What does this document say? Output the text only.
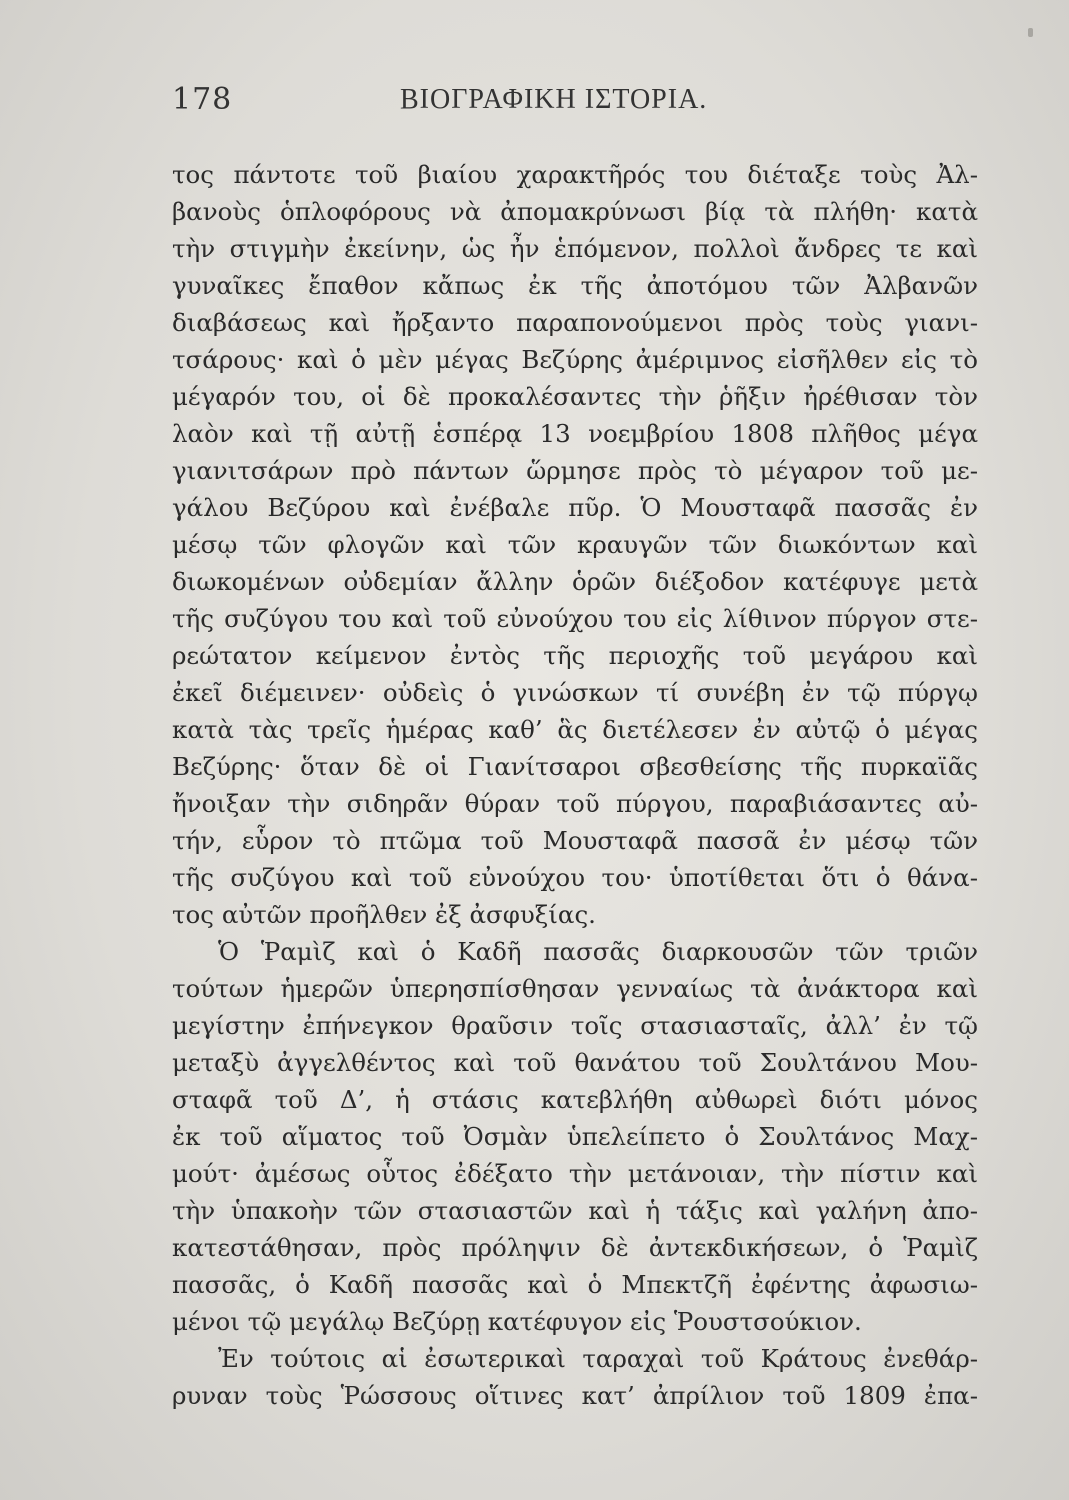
178	ΒΙΟΓΡΑΦΙΚΗ ΙΣΤΟΡΙΑ.
τος πάντοτε τοῦ βιαίου χαρακτῆρός του διέταξε τοὺς Ἀλ-
βανοὺς ὁπλοφόρους νὰ ἀπομακρύνωσι βίᾳ τὰ πλήθη· κατὰ
τὴν στιγμὴν ἐκείνην, ὡς ἦν ἑπόμενον, πολλοὶ ἄνδρες τε καὶ
γυναῖκες ἔπαθον κἄπως ἐκ τῆς ἀποτόμου τῶν Ἀλβανῶν
διαβάσεως καὶ ἤρξαντο παραπονούμενοι πρὸς τοὺς γιανι-
τσάρους· καὶ ὁ μὲν μέγας Βεζύρης ἀμέριμνος εἰσῆλθεν εἰς τὸ
μέγαρόν του, οἱ δὲ προκαλέσαντες τὴν ῥῆξιν ἠρέθισαν τὸν
λαὸν καὶ τῇ αὐτῇ ἑσπέρᾳ 13 νοεμβρίου 1808 πλῆθος μέγα
γιανιτσάρων πρὸ πάντων ὥρμησε πρὸς τὸ μέγαρον τοῦ με-
γάλου Βεζύρου καὶ ἐνέβαλε πῦρ. Ὁ Μουσταφᾶ πασσᾶς ἐν
μέσῳ τῶν φλογῶν καὶ τῶν κραυγῶν τῶν διωκόντων καὶ
διωκομένων οὐδεμίαν ἄλλην ὁρῶν διέξοδον κατέφυγε μετὰ
τῆς συζύγου του καὶ τοῦ εὐνούχου του εἰς λίθινον πύργον στε-
ρεώτατον κείμενον ἐντὸς τῆς περιοχῆς τοῦ μεγάρου καὶ
ἐκεῖ διέμεινεν· οὐδεὶς ὁ γινώσκων τί συνέβη ἐν τῷ πύργῳ
κατὰ τὰς τρεῖς ἡμέρας καθ’ ἃς διετέλεσεν ἐν αὐτῷ ὁ μέγας
Βεζύρης· ὅταν δὲ οἱ Γιανίτσαροι σβεσθείσης τῆς πυρκαϊᾶς
ἤνοιξαν τὴν σιδηρᾶν θύραν τοῦ πύργου, παραβιάσαντες αὐ-
τήν, εὗρον τὸ πτῶμα τοῦ Μουσταφᾶ πασσᾶ ἐν μέσῳ τῶν
τῆς συζύγου καὶ τοῦ εὐνούχου του· ὑποτίθεται ὅτι ὁ θάνα-
τος αὐτῶν προῆλθεν ἐξ ἀσφυξίας.
Ὁ Ῥαμὶζ καὶ ὁ Καδῆ πασσᾶς διαρκουσῶν τῶν τριῶν
τούτων ἡμερῶν ὑπερησπίσθησαν γενναίως τὰ ἀνάκτορα καὶ
μεγίστην ἐπήνεγκον θραῦσιν τοῖς στασιασταῖς, ἀλλ’ ἐν τῷ
μεταξὺ ἀγγελθέντος καὶ τοῦ θανάτου τοῦ Σουλτάνου Μου-
σταφᾶ τοῦ Δ’, ἡ στάσις κατεβλήθη αὐθωρεὶ διότι μόνος
ἐκ τοῦ αἵματος τοῦ Ὀσμὰν ὑπελείπετο ὁ Σουλτάνος Μαχ-
μούτ· ἀμέσως οὗτος ἐδέξατο τὴν μετάνοιαν, τὴν πίστιν καὶ
τὴν ὑπακοὴν τῶν στασιαστῶν καὶ ἡ τάξις καὶ γαλήνη ἀπο-
κατεστάθησαν, πρὸς πρόληψιν δὲ ἀντεκδικήσεων, ὁ Ῥαμὶζ
πασσᾶς, ὁ Καδῆ πασσᾶς καὶ ὁ Μπεκτζῆ ἐφέντης ἀφωσιω-
μένοι τῷ μεγάλῳ Βεζύρῃ κατέφυγον εἰς Ῥουστσούκιον.
Ἐν τούτοις αἱ ἐσωτερικαὶ ταραχαὶ τοῦ Κράτους ἐνεθάρ-
ρυναν τοὺς Ῥώσσους οἵτινες κατ’ ἀπρίλιον τοῦ 1809 ἐπα-
